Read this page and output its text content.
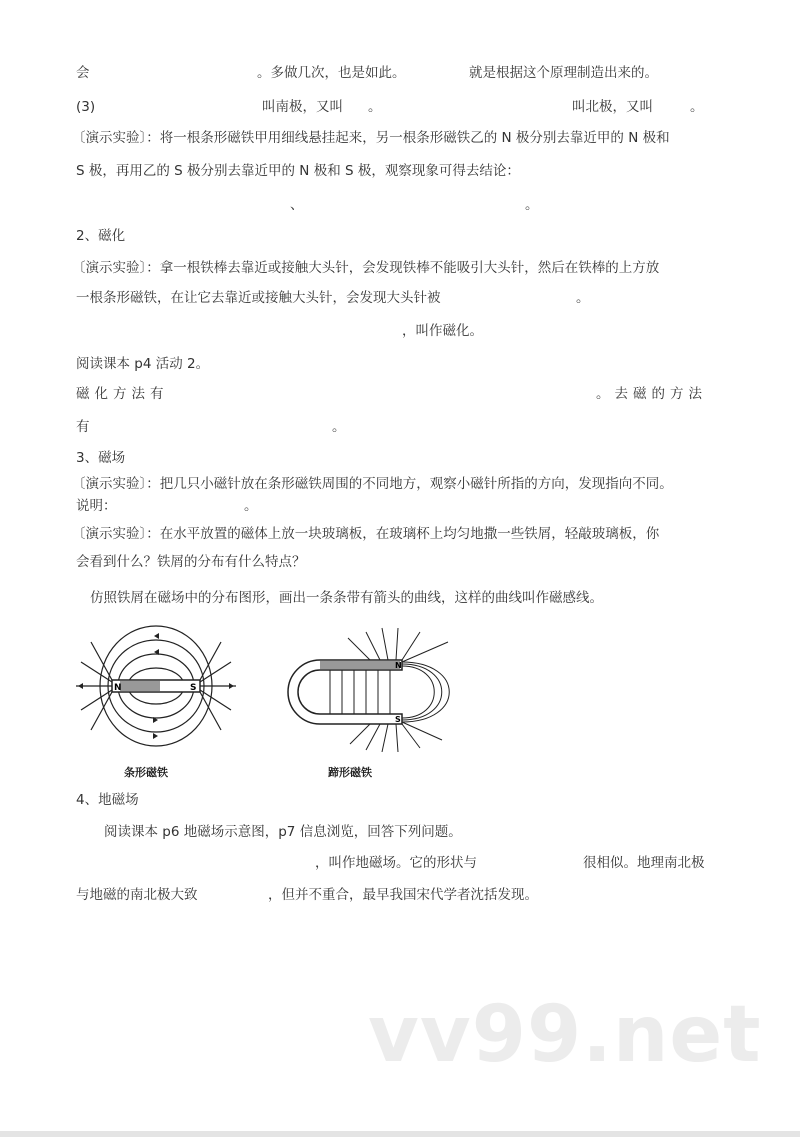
会	。多做几次，也是如此。	就是根据这个原理制造出来的。
(3)	叫南极，又叫 。	叫北极，又叫	。
〔演示实验〕：将一根条形磁铁甲用细线悬挂起来，另一根条形磁铁乙的 N 极分别去靠近甲的 N 极和
S 极，再用乙的 S 极分别去靠近甲的 N 极和 S 极，观察现象可得去结论：
、	。
2、磁化
〔演示实验〕：拿一根铁棒去靠近或接触大头针，会发现铁棒不能吸引大头针，然后在铁棒的上方放
一根条形磁铁，在让它去靠近或接触大头针，会发现大头针被	。
，叫作磁化。
阅读课本 p4 活动 2。
磁化方法有	。去磁的方法
有	。
3、磁场
〔演示实验〕：把几只小磁针放在条形磁铁周围的不同地方，观察小磁针所指的方向，发现指向不同。
说明：	。
〔演示实验〕：在水平放置的磁体上放一块玻璃板，在玻璃杯上均匀地撒一些铁屑，轻敲玻璃板，你
会看到什么？铁屑的分布有什么特点？
仿照铁屑在磁场中的分布图形，画出一条条带有箭头的曲线，这样的曲线叫作磁感线。
N	S
条形磁铁
N
S
蹄形磁铁
4、地磁场
阅读课本 p6 地磁场示意图，p7 信息浏览，回答下列问题。
，叫作地磁场。它的形状与	很相似。地理南北极
与地磁的南北极大致	，但并不重合，最早我国宋代学者沈括发现。
vv99.net
